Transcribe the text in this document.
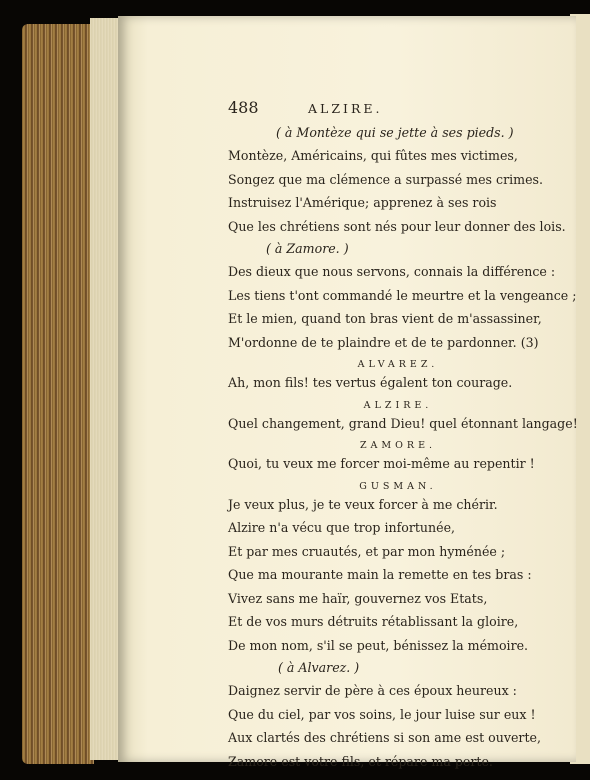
488	ALZIRE.
( à Montèze qui se jette à ses pieds. )
Montèze, Américains, qui fûtes mes victimes,
Songez que ma clémence a surpassé mes crimes.
Instruisez l'Amérique; apprenez à ses rois
Que les chrétiens sont nés pour leur donner des lois.
( à Zamore. )
Des dieux que nous servons, connais la différence :
Les tiens t'ont commandé le meurtre et la vengeance ;
Et le mien, quand ton bras vient de m'assassiner,
M'ordonne de te plaindre et de te pardonner. (3)
ALVAREZ.
Ah, mon fils! tes vertus égalent ton courage.
ALZIRE.
Quel changement, grand Dieu! quel étonnant langage!
ZAMORE.
Quoi, tu veux me forcer moi-même au repentir !
GUSMAN.
Je veux plus, je te veux forcer à me chérir.
Alzire n'a vécu que trop infortunée,
Et par mes cruautés, et par mon hyménée ;
Que ma mourante main la remette en tes bras :
Vivez sans me haïr, gouvernez vos Etats,
Et de vos murs détruits rétablissant la gloire,
De mon nom, s'il se peut, bénissez la mémoire.
( à Alvarez. )
Daignez servir de père à ces époux heureux :
Que du ciel, par vos soins, le jour luise sur eux !
Aux clartés des chrétiens si son ame est ouverte,
Zamore est votre fils, et répare ma perte.
